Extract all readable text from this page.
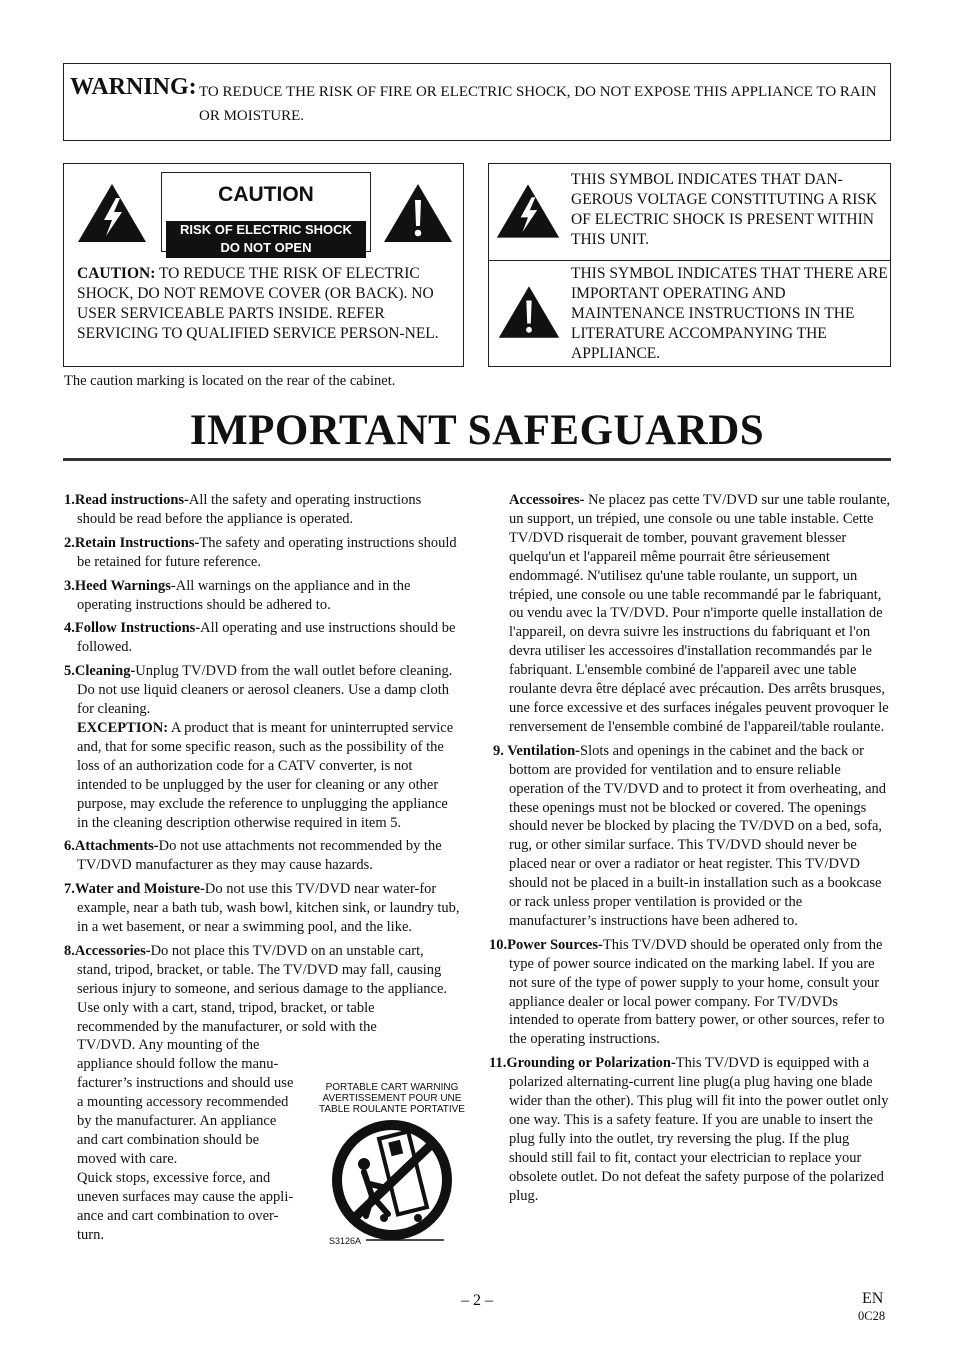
WARNING: TO REDUCE THE RISK OF FIRE OR ELECTRIC SHOCK, DO NOT EXPOSE THIS APPLIANCE TO RAIN OR MOISTURE.
CAUTION
RISK OF ELECTRIC SHOCK
DO NOT OPEN
CAUTION: TO REDUCE THE RISK OF ELECTRIC SHOCK, DO NOT REMOVE COVER (OR BACK). NO USER SERVICEABLE PARTS INSIDE. REFER SERVICING TO QUALIFIED SERVICE PERSON-NEL.
THIS SYMBOL INDICATES THAT DAN-GEROUS VOLTAGE CONSTITUTING A RISK OF ELECTRIC SHOCK IS PRESENT WITHIN THIS UNIT.
THIS SYMBOL INDICATES THAT THERE ARE IMPORTANT OPERATING AND MAINTENANCE INSTRUCTIONS IN THE LITERATURE ACCOMPANYING THE APPLIANCE.
The caution marking is located on the rear of the cabinet.
IMPORTANT SAFEGUARDS

1.Read instructions-All the safety and operating instructions should be read before the appliance is operated.

2.Retain Instructions-The safety and operating instructions should be retained for future reference.

3.Heed Warnings-All warnings on the appliance and in the operating instructions should be adhered to.

4.Follow Instructions-All operating and use instructions should be followed.

5.Cleaning-Unplug TV/DVD from the wall outlet before cleaning. Do not use liquid cleaners or aerosol cleaners. Use a damp cloth for cleaning.

EXCEPTION: A product that is meant for uninterrupted service and, that for some specific reason, such as the possibility of the loss of an authorization code for a CATV converter, is not intended to be unplugged by the user for cleaning or any other purpose, may exclude the reference to unplugging the appliance in the cleaning description otherwise required in item 5.

6.Attachments-Do not use attachments not recommended by the TV/DVD manufacturer as they may cause hazards.

7.Water and Moisture-Do not use this TV/DVD near water-for example, near a bath tub, wash bowl, kitchen sink, or laundry tub, in a wet basement, or near a swimming pool, and the like.

8.Accessories-Do not place this TV/DVD on an unstable cart, stand, tripod, bracket, or table. The TV/DVD may fall, causing serious injury to someone, and serious damage to the appliance. Use only with a cart, stand, tripod, bracket, or table recommended by the manufacturer, or sold with the

TV/DVD. Any mounting of the
appliance should follow the manu-
facturer’s instructions and should use
a mounting accessory recommended
by the manufacturer. An appliance
and cart combination should be
moved with care.
Quick stops, excessive force, and
uneven surfaces may cause the appli-
ance and cart combination to over-
turn.
PORTABLE CART WARNING
AVERTISSEMENT POUR UNE
TABLE ROULANTE PORTATIVE
S3126A

Accessoires- Ne placez pas cette TV/DVD sur une table roulante, un support, un trépied, une console ou une table instable. Cette TV/DVD risquerait de tomber, pouvant gravement blesser quelqu'un et l'appareil même pourrait être sérieusement endommagé. N'utilisez qu'une table roulante, un support, un trépied, une console ou une table recommandé par le fabriquant, ou vendu avec la TV/DVD. Pour n'importe quelle installation de l'appareil, on devra suivre les instructions du fabriquant et l'on devra utiliser les accessoires d'installation recommandés par le fabriquant. L'ensemble combiné de l'appareil avec une table roulante devra être déplacé avec précaution. Des arrêts brusques, une force excessive et des surfaces inégales peuvent provoquer le renversement de l'ensemble combiné de l'appareil/table roulante.

9. Ventilation-Slots and openings in the cabinet and the back or bottom are provided for ventilation and to ensure reliable operation of the TV/DVD and to protect it from overheating, and these openings must not be blocked or covered. The openings should never be blocked by placing the TV/DVD on a bed, sofa, rug, or other similar surface. This TV/DVD should never be placed near or over a radiator or heat register. This TV/DVD should not be placed in a built-in installation such as a bookcase or rack unless proper ventilation is provided or the manufacturer’s instructions have been adhered to.

10.Power Sources-This TV/DVD should be operated only from the type of power source indicated on the marking label. If you are not sure of the type of power supply to your home, consult your appliance dealer or local power company. For TV/DVDs intended to operate from battery power, or other sources, refer to the operating instructions.

11.Grounding or Polarization-This TV/DVD is equipped with a polarized alternating-current line plug(a plug having one blade wider than the other). This plug will fit into the power outlet only one way. This is a safety feature. If you are unable to insert the plug fully into the outlet, try reversing the plug. If the plug should still fail to fit, contact your electrician to replace your obsolete outlet. Do not defeat the safety purpose of the polarized plug.

– 2 –	EN
0C28
